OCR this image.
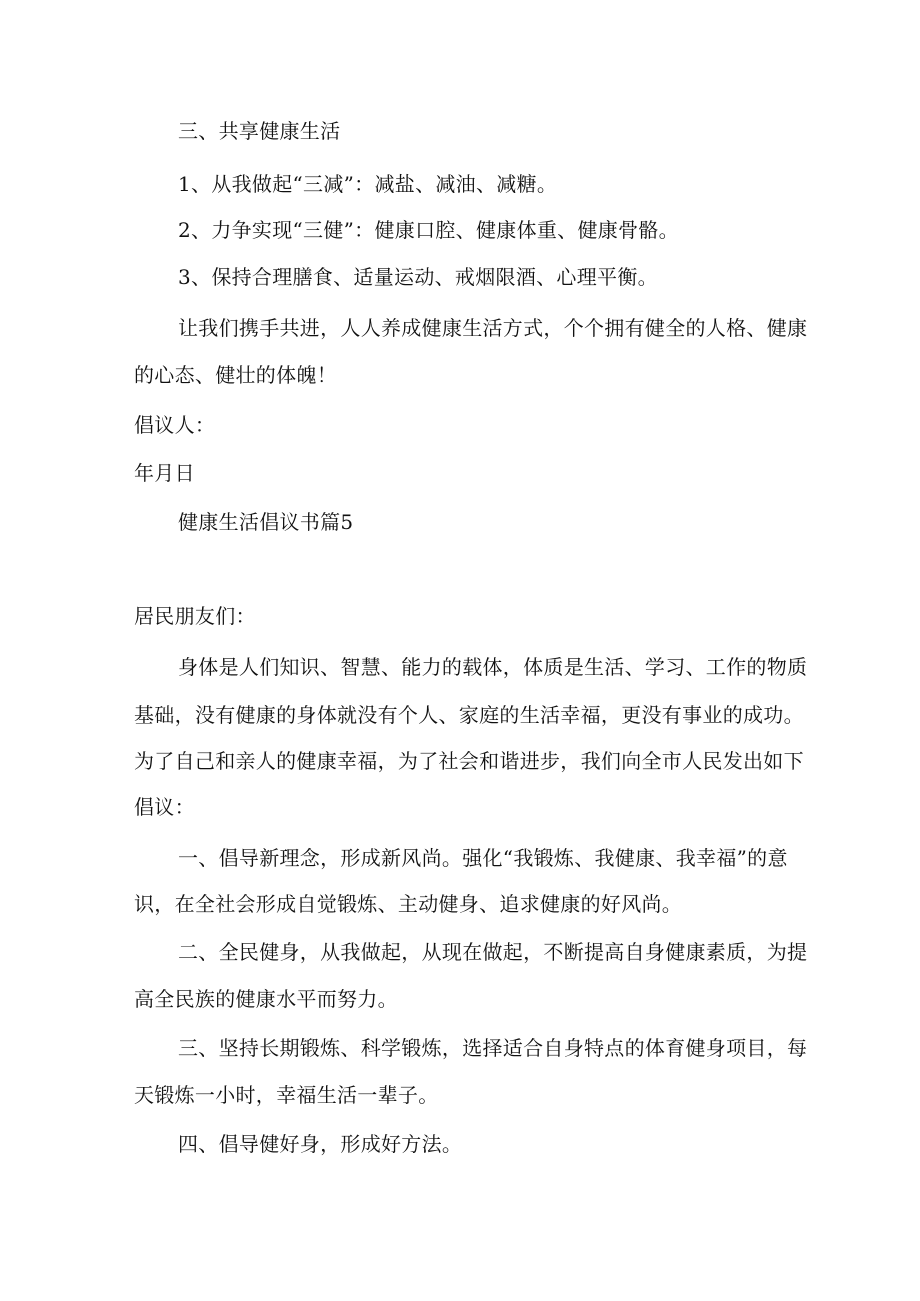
三、共享健康生活
1、从我做起“三减”：减盐、减油、减糖。
2、力争实现“三健”：健康口腔、健康体重、健康骨骼。
3、保持合理膳食、适量运动、戒烟限酒、心理平衡。
让我们携手共进，人人养成健康生活方式，个个拥有健全的人格、健康
的心态、健壮的体魄！
倡议人：
年月日
健康生活倡议书篇5
居民朋友们：
身体是人们知识、智慧、能力的载体，体质是生活、学习、工作的物质
基础，没有健康的身体就没有个人、家庭的生活幸福，更没有事业的成功。
为了自己和亲人的健康幸福，为了社会和谐进步，我们向全市人民发出如下
倡议：
一、倡导新理念，形成新风尚。强化“我锻炼、我健康、我幸福”的意
识，在全社会形成自觉锻炼、主动健身、追求健康的好风尚。
二、全民健身，从我做起，从现在做起，不断提高自身健康素质，为提
高全民族的健康水平而努力。
三、坚持长期锻炼、科学锻炼，选择适合自身特点的体育健身项目，每
天锻炼一小时，幸福生活一辈子。
四、倡导健好身，形成好方法。
